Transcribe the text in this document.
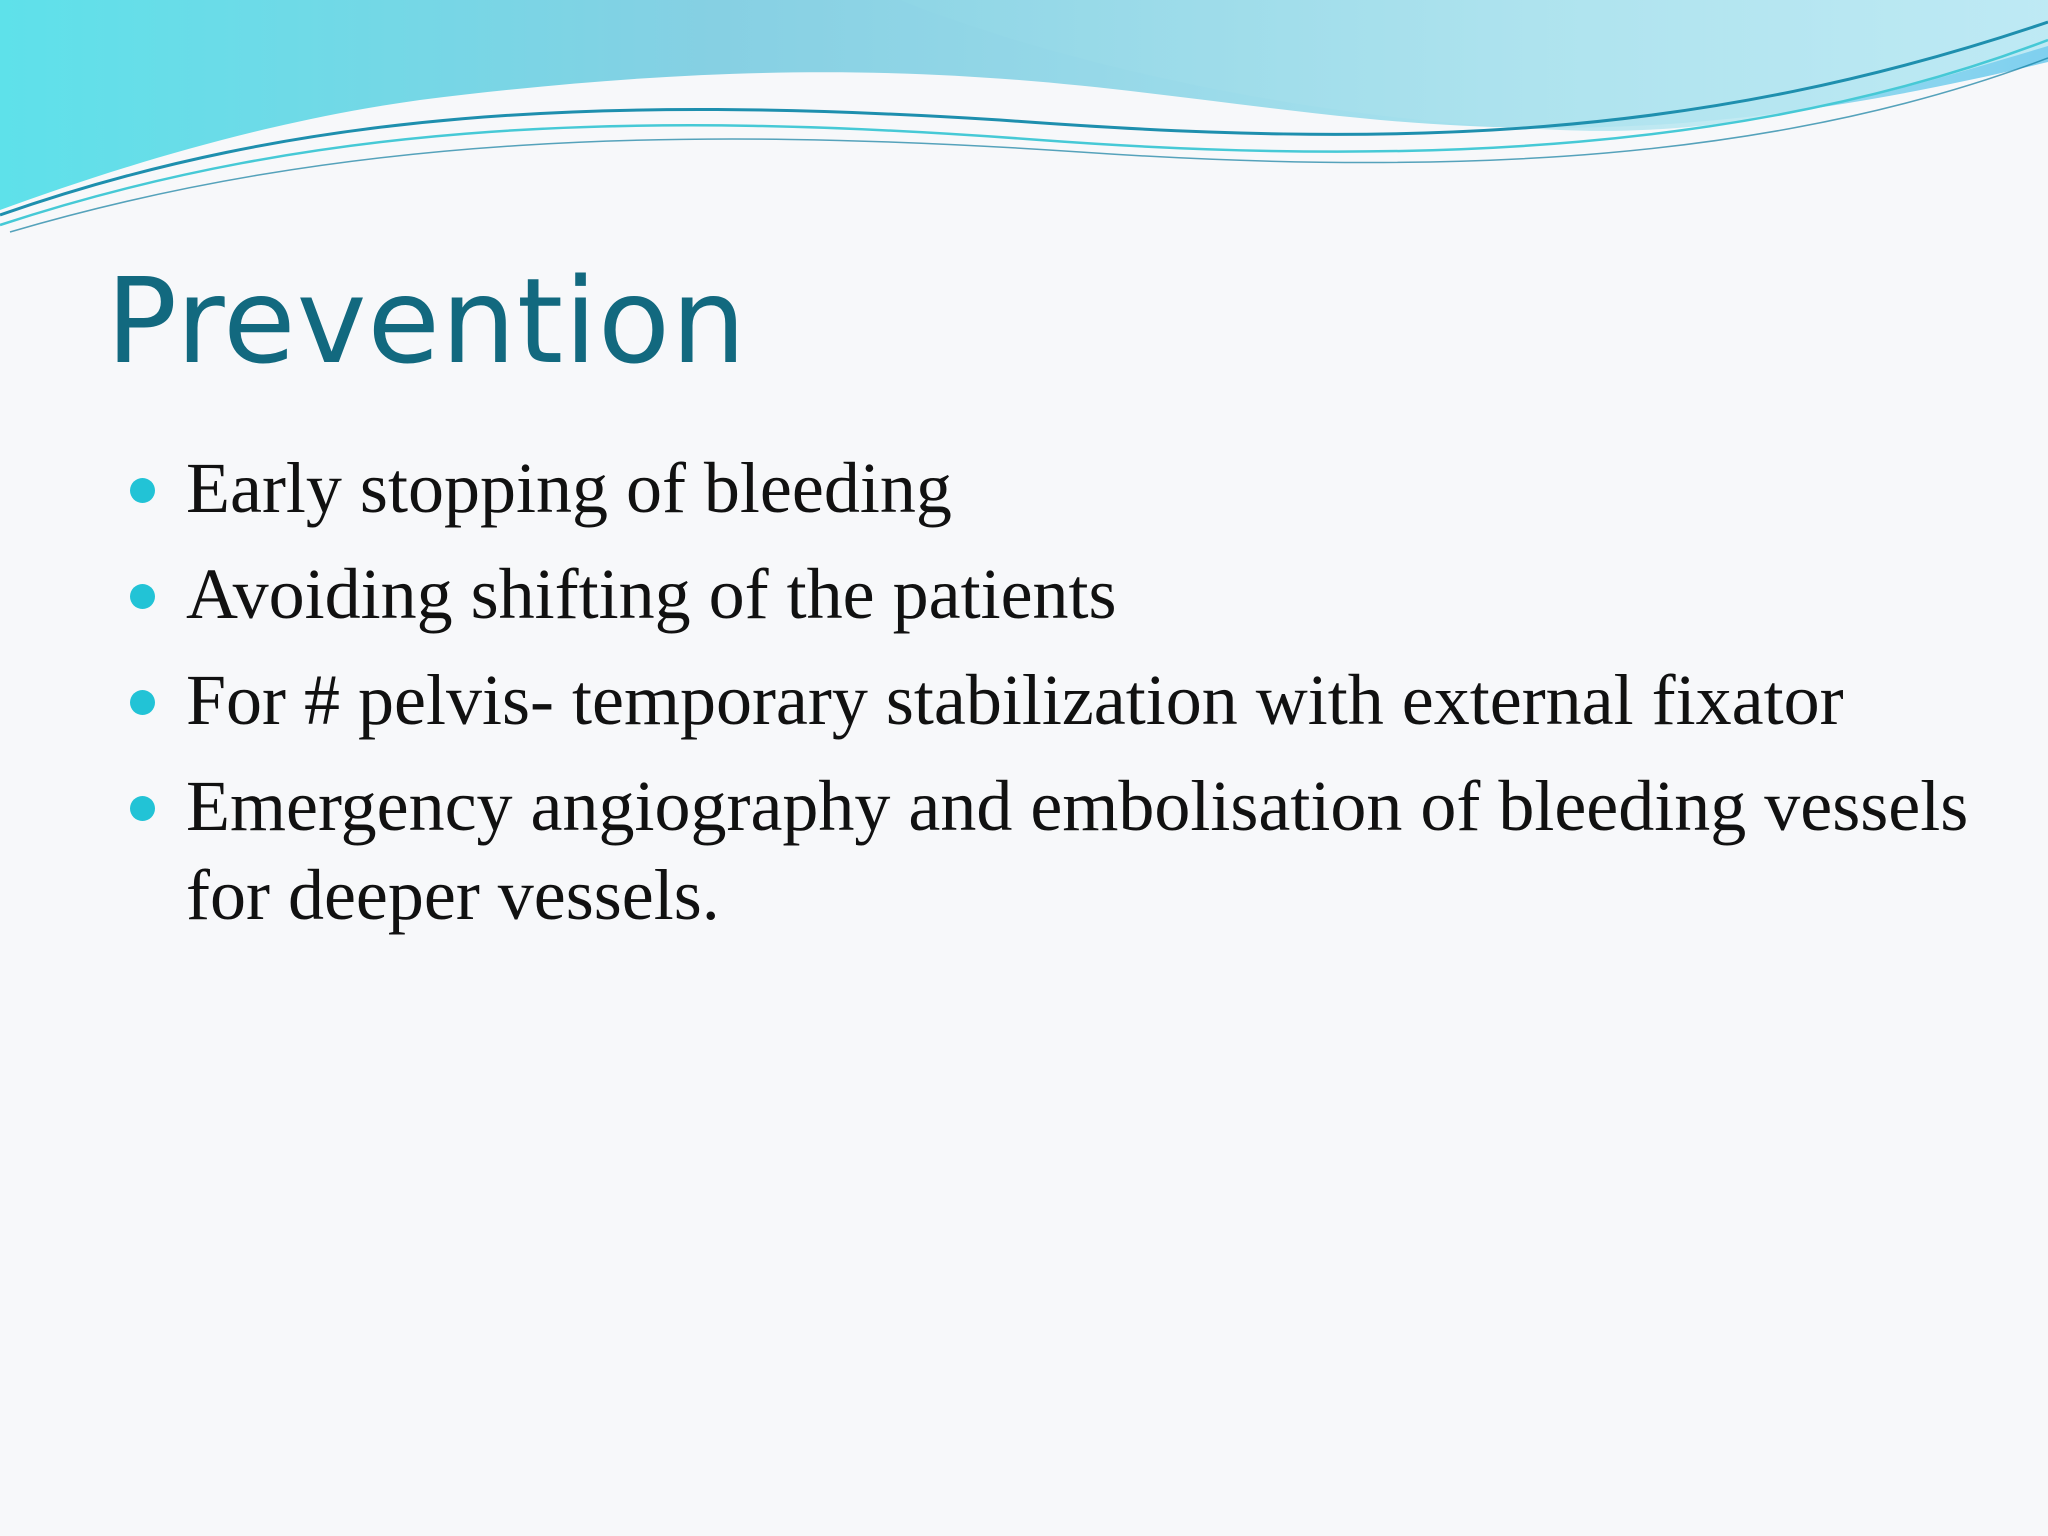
Prevention
Early stopping of bleeding
Avoiding shifting of the patients
For # pelvis- temporary stabilization with external fixator
Emergency angiography and embolisation of bleeding vessels for deeper vessels.
